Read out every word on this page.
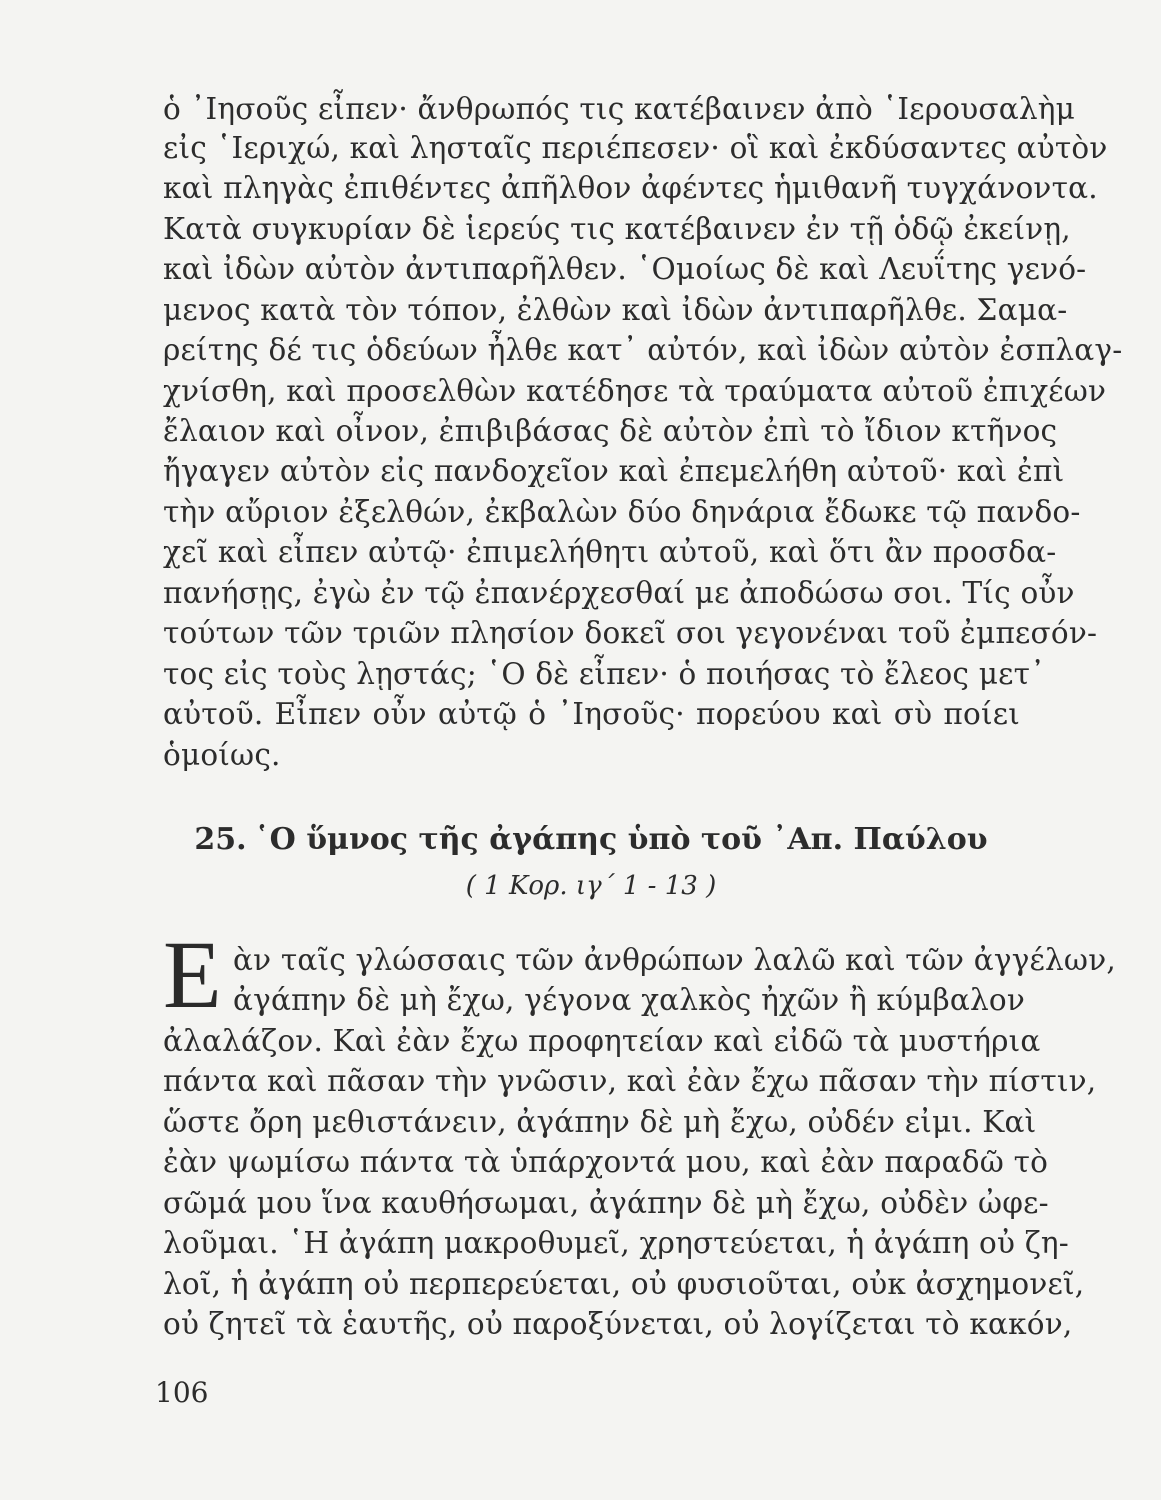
ὁ ᾿Ιησοῦς εἶπεν· ἄνθρωπός τις κατέβαινεν ἀπὸ ῾Ιερουσαλὴμ
εἰς ῾Ιεριχώ, καὶ λησταῖς περιέπεσεν· οἳ καὶ ἐκδύσαντες αὐτὸν
καὶ πληγὰς ἐπιθέντες ἀπῆλθον ἀφέντες ἡμιθανῆ τυγχάνοντα.
Κατὰ συγκυρίαν δὲ ἱερεύς τις κατέβαινεν ἐν τῇ ὁδῷ ἐκείνῃ,
καὶ ἰδὼν αὐτὸν ἀντιπαρῆλθεν. ῾Ομοίως δὲ καὶ Λευΐτης γενό-
μενος κατὰ τὸν τόπον, ἐλθὼν καὶ ἰδὼν ἀντιπαρῆλθε. Σαμα-
ρείτης δέ τις ὁδεύων ἦλθε κατ᾿ αὐτόν, καὶ ἰδὼν αὐτὸν ἐσπλαγ-
χνίσθη, καὶ προσελθὼν κατέδησε τὰ τραύματα αὐτοῦ ἐπιχέων
ἔλαιον καὶ οἶνον, ἐπιβιβάσας δὲ αὐτὸν ἐπὶ τὸ ἴδιον κτῆνος
ἤγαγεν αὐτὸν εἰς πανδοχεῖον καὶ ἐπεμελήθη αὐτοῦ· καὶ ἐπὶ
τὴν αὔριον ἐξελθών, ἐκβαλὼν δύο δηνάρια ἔδωκε τῷ πανδο-
χεῖ καὶ εἶπεν αὐτῷ· ἐπιμελήθητι αὐτοῦ, καὶ ὅτι ἂν προσδα-
πανήσῃς, ἐγὼ ἐν τῷ ἐπανέρχεσθαί με ἀποδώσω σοι. Τίς οὖν
τούτων τῶν τριῶν πλησίον δοκεῖ σοι γεγονέναι τοῦ ἐμπεσόν-
τος εἰς τοὺς λῃστάς; ῾Ο δὲ εἶπεν· ὁ ποιήσας τὸ ἔλεος μετ᾿
αὐτοῦ. Εἶπεν οὖν αὐτῷ ὁ ᾿Ιησοῦς· πορεύου καὶ σὺ ποίει
ὁμοίως.
25. ῾Ο ὕμνος τῆς ἀγάπης ὑπὸ τοῦ ᾿Απ. Παύλου
( 1 Κορ. ιγ΄ 1 - 13 )
Ε ὰν ταῖς γλώσσαις τῶν ἀνθρώπων λαλῶ καὶ τῶν ἀγγέλων,
ἀγάπην δὲ μὴ ἔχω, γέγονα χαλκὸς ἠχῶν ἢ κύμβαλον
ἀλαλάζον. Καὶ ἐὰν ἔχω προφητείαν καὶ εἰδῶ τὰ μυστήρια
πάντα καὶ πᾶσαν τὴν γνῶσιν, καὶ ἐὰν ἔχω πᾶσαν τὴν πίστιν,
ὥστε ὄρη μεθιστάνειν, ἀγάπην δὲ μὴ ἔχω, οὐδέν εἰμι. Καὶ
ἐὰν ψωμίσω πάντα τὰ ὑπάρχοντά μου, καὶ ἐὰν παραδῶ τὸ
σῶμά μου ἵνα καυθήσωμαι, ἀγάπην δὲ μὴ ἔχω, οὐδὲν ὠφε-
λοῦμαι. ῾Η ἀγάπη μακροθυμεῖ, χρηστεύεται, ἡ ἀγάπη οὐ ζη-
λοῖ, ἡ ἀγάπη οὐ περπερεύεται, οὐ φυσιοῦται, οὐκ ἀσχημονεῖ,
οὐ ζητεῖ τὰ ἑαυτῆς, οὐ παροξύνεται, οὐ λογίζεται τὸ κακόν,
106
